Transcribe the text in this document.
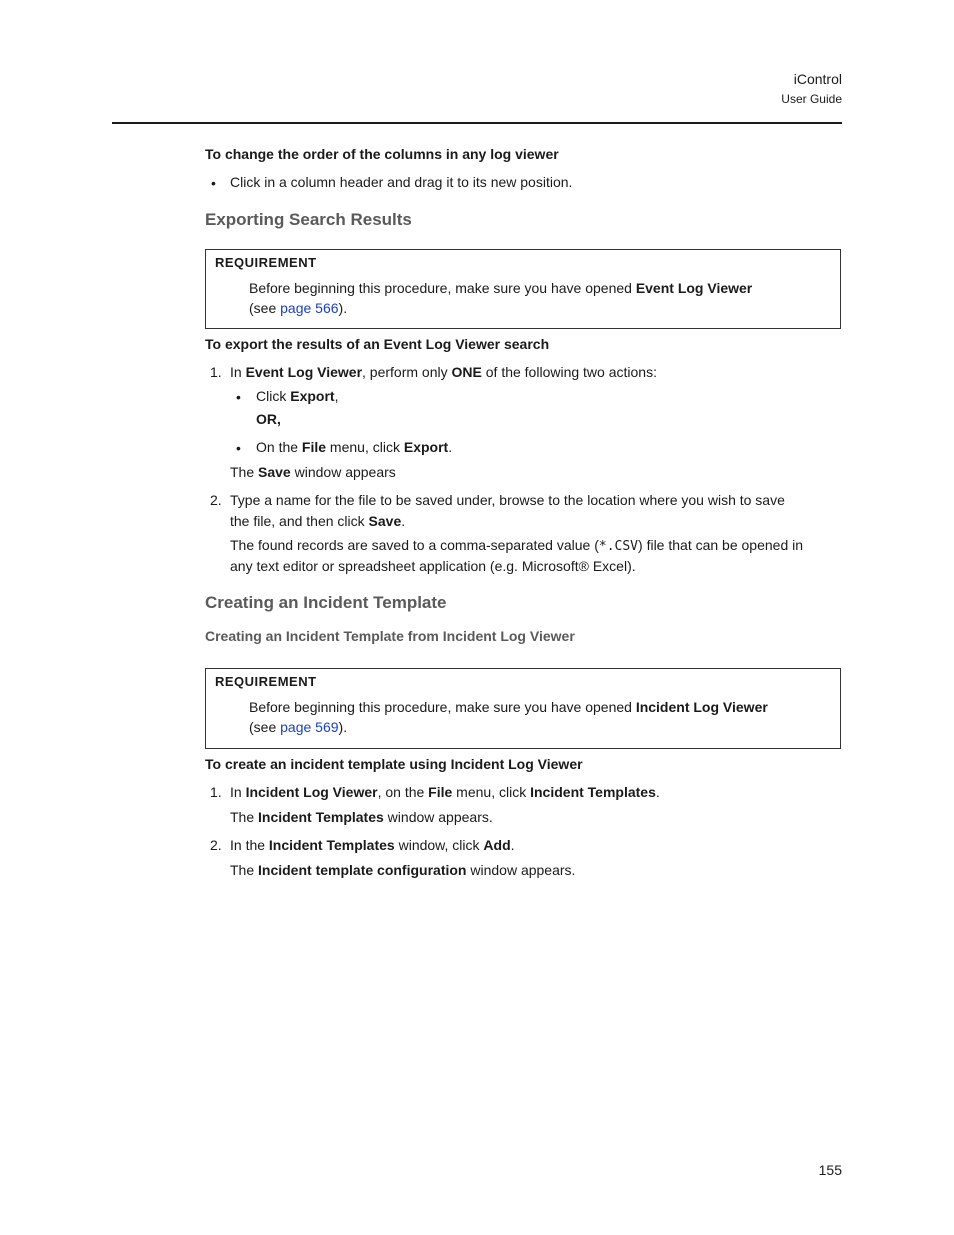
iControl
User Guide
To change the order of the columns in any log viewer
• Click in a column header and drag it to its new position.
Exporting Search Results
REQUIREMENT
Before beginning this procedure, make sure you have opened Event Log Viewer
(see page 566).
To export the results of an Event Log Viewer search
1. In Event Log Viewer, perform only ONE of the following two actions:
• Click Export,
OR,
• On the File menu, click Export.
The Save window appears
2. Type a name for the file to be saved under, browse to the location where you wish to save
the file, and then click Save.
The found records are saved to a comma-separated value (*.CSV) file that can be opened in
any text editor or spreadsheet application (e.g. Microsoft® Excel).
Creating an Incident Template
Creating an Incident Template from Incident Log Viewer
REQUIREMENT
Before beginning this procedure, make sure you have opened Incident Log Viewer
(see page 569).
To create an incident template using Incident Log Viewer
1. In Incident Log Viewer, on the File menu, click Incident Templates.
The Incident Templates window appears.
2. In the Incident Templates window, click Add.
The Incident template configuration window appears.
155
